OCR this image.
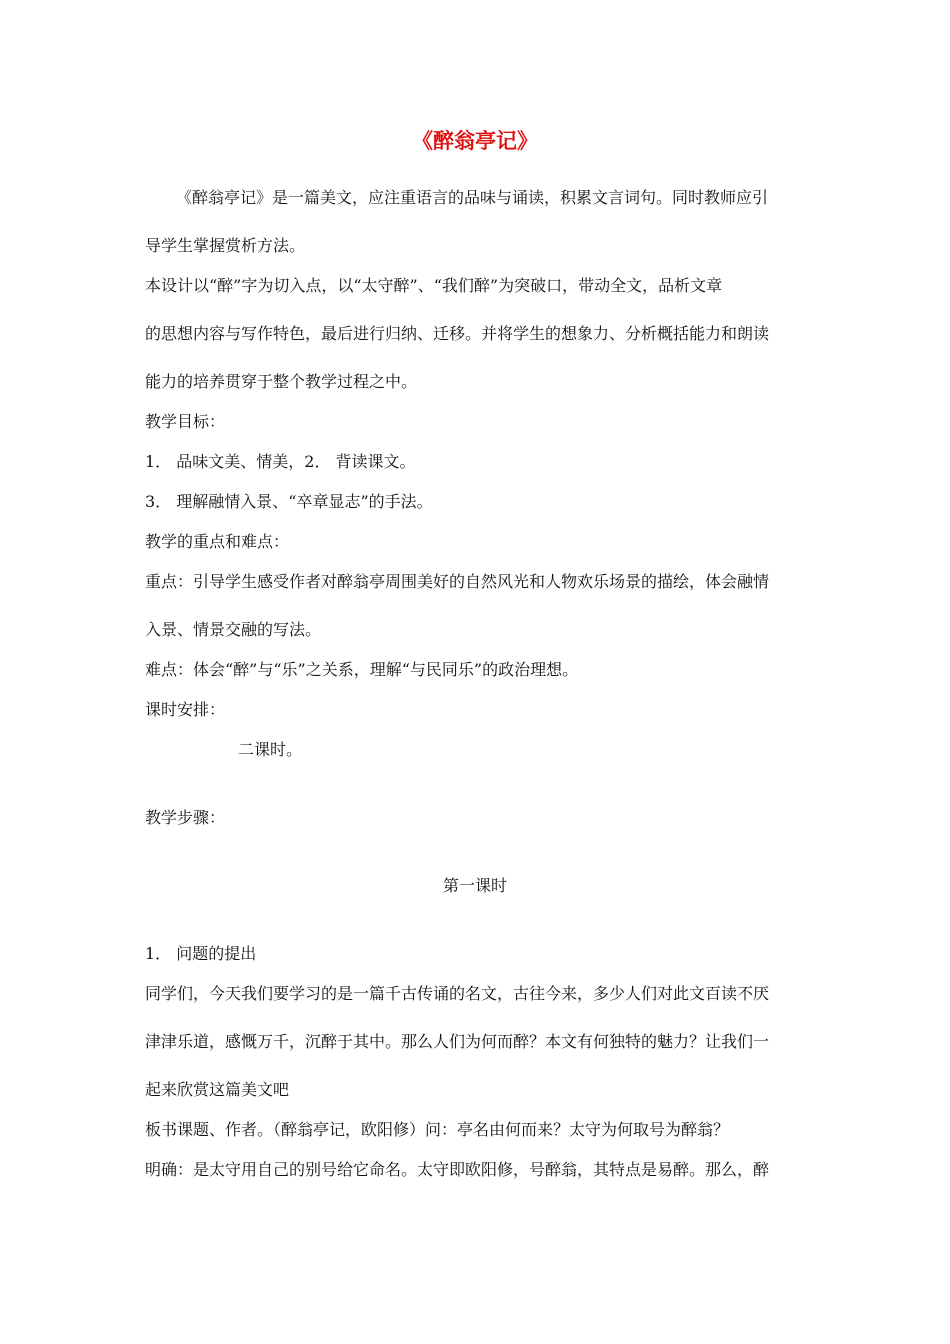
《醉翁亭记》
《醉翁亭记》是一篇美文，应注重语言的品味与诵读，积累文言词句。同时教师应引
导学生掌握赏析方法。
本设计以“醉”字为切入点，以“太守醉”、“我们醉”为突破口，带动全文，品析文章
的思想内容与写作特色，最后进行归纳、迁移。并将学生的想象力、分析概括能力和朗读
能力的培养贯穿于整个教学过程之中。
教学目标：
1． 品味文美、情美，2． 背读课文。
3． 理解融情入景、“卒章显志”的手法。
教学的重点和难点：
重点：引导学生感受作者对醉翁亭周围美好的自然风光和人物欢乐场景的描绘，体会融情
入景、情景交融的写法。
难点：体会“醉”与“乐”之关系，理解“与民同乐”的政治理想。
课时安排：
二课时。
教学步骤：
第一课时
1． 问题的提出
同学们，今天我们要学习的是一篇千古传诵的名文，古往今来，多少人们对此文百读不厌
津津乐道，感慨万千，沉醉于其中。那么人们为何而醉？本文有何独特的魅力？让我们一
起来欣赏这篇美文吧
板书课题、作者。（醉翁亭记，欧阳修）问：亭名由何而来？太守为何取号为醉翁？
明确：是太守用自己的别号给它命名。太守即欧阳修，号醉翁，其特点是易醉。那么，醉
